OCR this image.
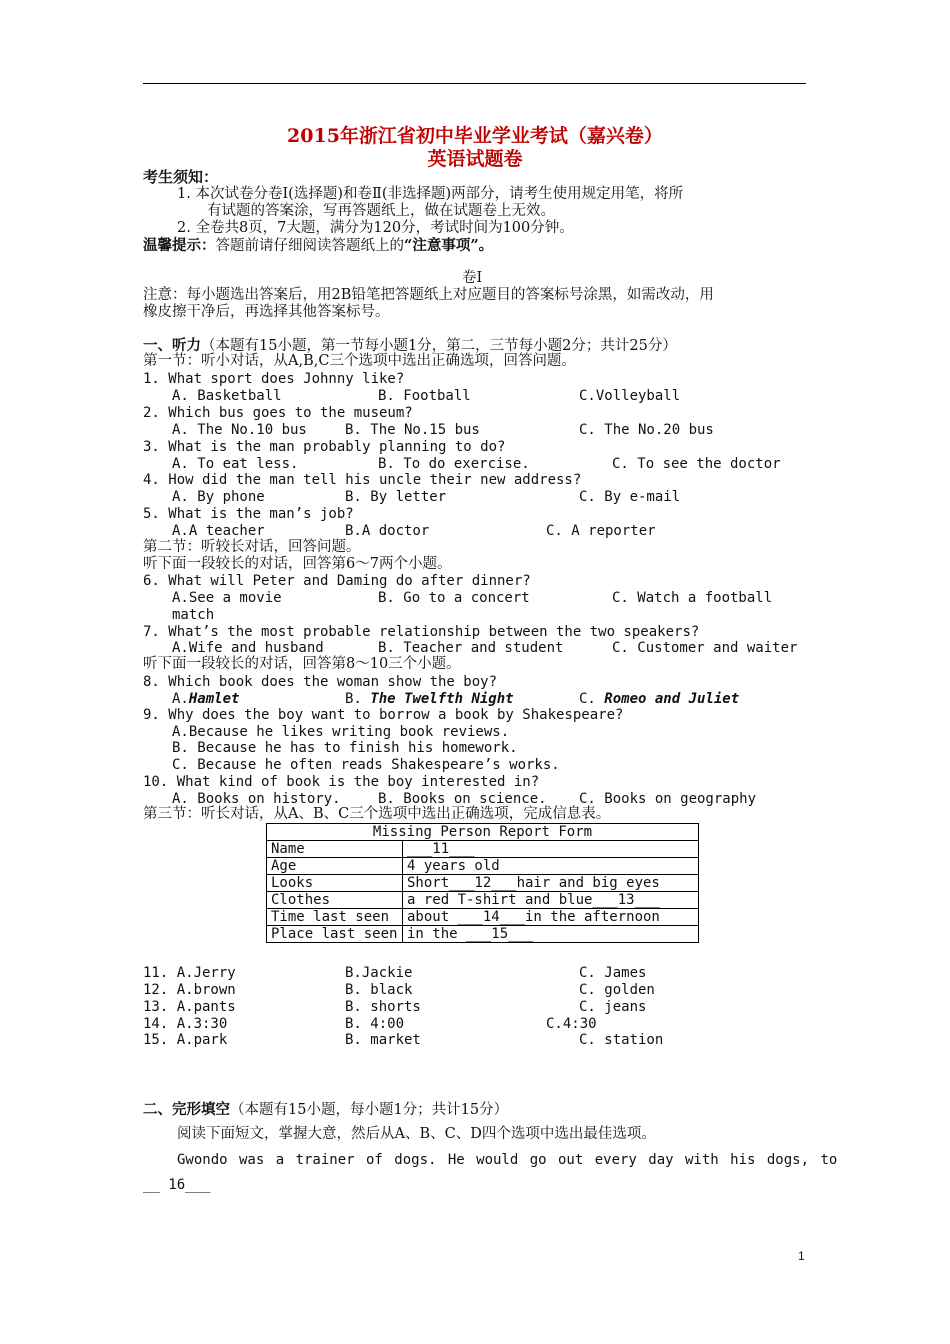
2015年浙江省初中毕业学业考试（嘉兴卷）
英语试题卷
考生须知：
1. 本次试卷分卷Ⅰ(选择题)和卷Ⅱ(非选择题)两部分，请考生使用规定用笔，将所
有试题的答案涂，写再答题纸上，做在试题卷上无效。
2. 全卷共8页，7大题，满分为120分，考试时间为100分钟。
温馨提示：答题前请仔细阅读答题纸上的“注意事项”。
卷Ⅰ
注意：每小题选出答案后，用2B铅笔把答题纸上对应题目的答案标号涂黑，如需改动，用
橡皮擦干净后，再选择其他答案标号。
一、听力（本题有15小题，第一节每小题1分，第二，三节每小题2分；共计25分）
第一节：听小对话，从A,B,C三个选项中选出正确选项，回答问题。
1. What sport does Johnny like?
A. Basketball	B. Football	C.Volleyball
2. Which bus goes to the museum?
A. The No.10 bus	B. The No.15 bus	C. The No.20 bus
3. What is the man probably planning to do?
A. To eat less.	B. To do exercise.	C. To see the doctor
4. How did the man tell his uncle their new address?
A. By phone	B. By letter	C. By e-mail
5. What is the man’s job?
A.A teacher	B.A doctor	C. A reporter
第二节：听较长对话，回答问题。
听下面一段较长的对话，回答第6～7两个小题。
6. What will Peter and Daming do after dinner?
A.See a movie	B. Go to a concert	C. Watch a football
match
7. What’s the most probable relationship between the two speakers?
A.Wife and husband	B. Teacher and student	C. Customer and waiter
听下面一段较长的对话，回答第8～10三个小题。
8. Which book does the woman show the boy?
A.Hamlet	B. The Twelfth Night	C. Romeo and Juliet
9. Why does the boy want to borrow a book by Shakespeare?
A.Because he likes writing book reviews.
B. Because he has to finish his homework.
C. Because he often reads Shakespeare’s works.
10. What kind of book is the boy interested in?
A. Books on history.	B. Books on science. C. Books on geography
第三节：听长对话，从A、B、C三个选项中选出正确选项，完成信息表。
Missing Person Report Form	
Name	___11___
Age	4 years old
Looks	Short___12___hair and big eyes
Clothes	a red T-shirt and blue___13___
Time last seen	about ___14___in the afternoon
Place last seen	in the ___15___
11. A.Jerry	B.Jackie	C. James
12. A.brown	B. black	C. golden
13. A.pants	B. shorts	C. jeans
14. A.3:30	B. 4:00	C.4:30
15. A.park	B. market	C. station
二、完形填空（本题有15小题，每小题1分；共计15分）
阅读下面短文，掌握大意，然后从A、B、C、D四个选项中选出最佳选项。
Gwondo was a trainer of dogs. He would go out every day with his dogs, to
__ 16___
1
